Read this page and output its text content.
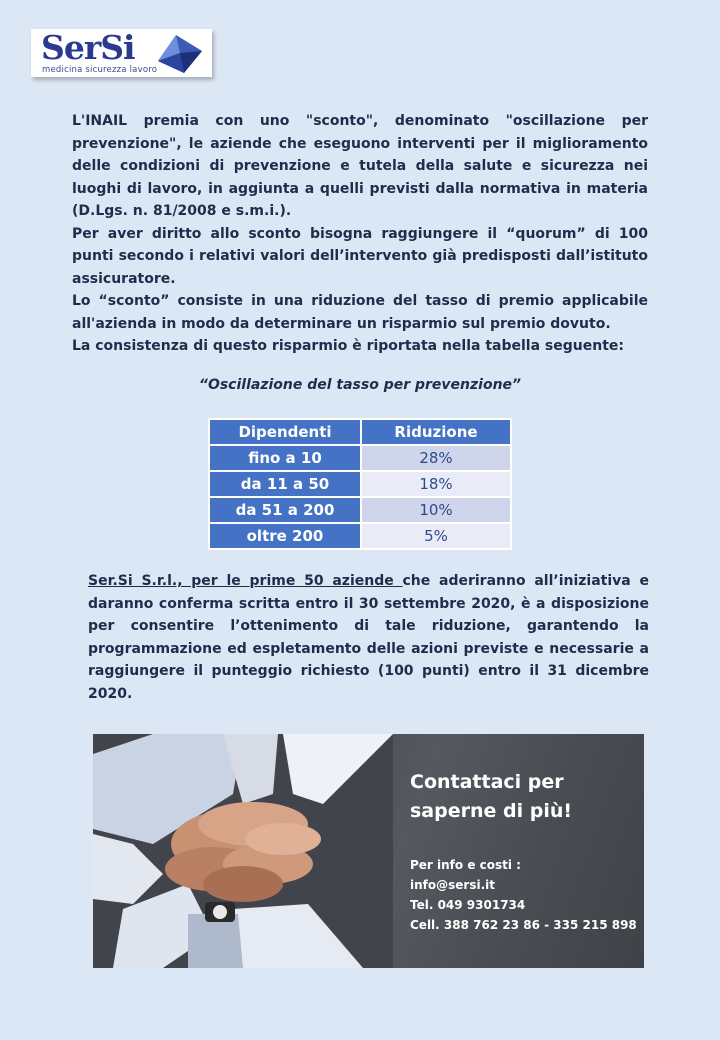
SerSi
medicina sicurezza lavoro

L'INAIL premia con uno "sconto", denominato "oscillazione per prevenzione", le aziende che eseguono interventi per il miglioramento delle condizioni di prevenzione e tutela della salute e sicurezza nei luoghi di lavoro, in aggiunta a quelli previsti dalla normativa in materia (D.Lgs. n. 81/2008 e s.m.i.).

Per aver diritto allo sconto bisogna raggiungere il “quorum” di 100 punti secondo i relativi valori dell’intervento già predisposti dall’istituto assicuratore.

Lo “sconto” consiste in una riduzione del tasso di premio applicabile all'azienda in modo da determinare un risparmio sul premio dovuto.

La consistenza di questo risparmio è riportata nella tabella seguente:

“Oscillazione del tasso per prevenzione”
Dipendenti	Riduzione
fino a 10	28%
da 11 a 50	18%
da 51 a 200	10%
oltre 200	5%
Ser.Si S.r.l., per le prime 50 aziende che aderiranno all’iniziativa e daranno conferma scritta entro il 30 settembre 2020, è a disposizione per consentire l’ottenimento di tale riduzione, garantendo la programmazione ed espletamento delle azioni previste e necessarie a raggiungere il punteggio richiesto (100 punti) entro il 31 dicembre 2020.
Contattaci per
saperne di più!
Per info e costi :
info@sersi.it
Tel. 049 9301734
Cell. 388 762 23 86 - 335 215 898
